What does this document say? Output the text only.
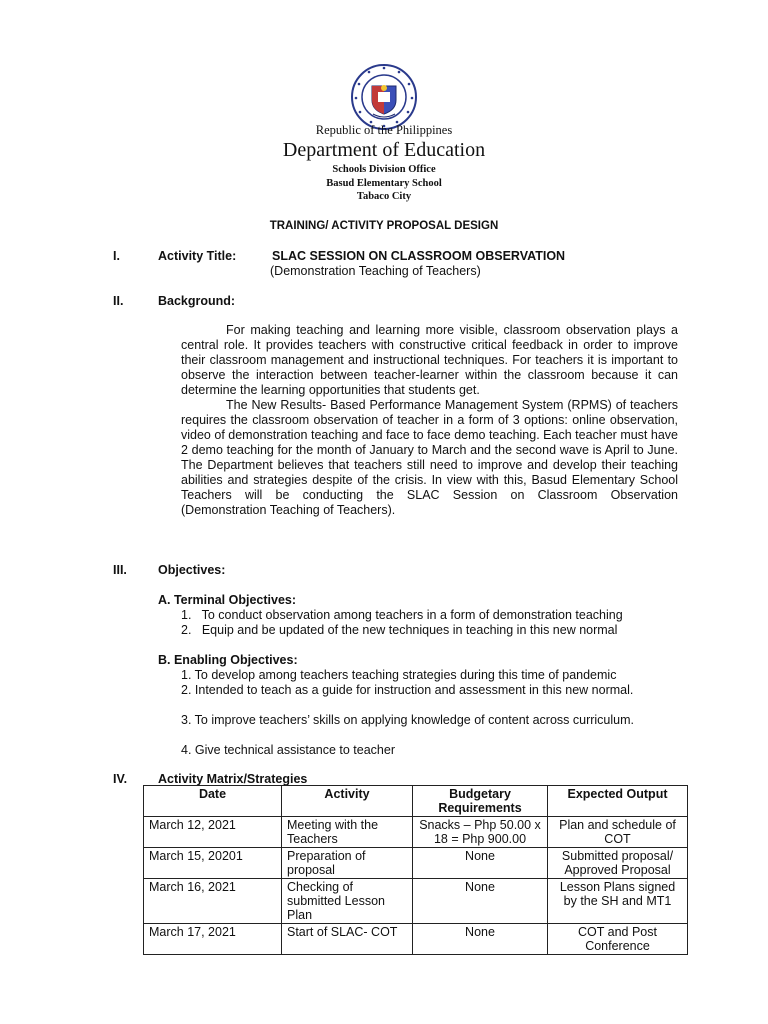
Republic of the Philippines
Department of Education
Schools Division Office
Basud Elementary School
Tabaco City
TRAINING/ ACTIVITY PROPOSAL DESIGN
I.	Activity Title:	SLAC SESSION ON CLASSROOM OBSERVATION
(Demonstration Teaching of Teachers)
II.	Background:

For making teaching and learning more visible, classroom observation plays a central role. It provides teachers with constructive critical feedback in order to improve their classroom management and instructional techniques. For teachers it is important to observe the interaction between teacher-learner within the classroom because it can determine the learning opportunities that students get.

The New Results- Based Performance Management System (RPMS) of teachers requires the classroom observation of teacher in a form of 3 options: online observation, video of demonstration teaching and face to face demo teaching. Each teacher must have 2 demo teaching for the month of January to March and the second wave is April to June. The Department believes that teachers still need to improve and develop their teaching abilities and strategies despite of the crisis. In view with this, Basud Elementary School Teachers will be conducting the SLAC Session on Classroom Observation (Demonstration Teaching of Teachers).

III. Objectives:
A. Terminal Objectives:
1.   To conduct observation among teachers in a form of demonstration teaching
2.   Equip and be updated of the new techniques in teaching in this new normal
B. Enabling Objectives:
1. To develop among teachers teaching strategies during this time of pandemic
2. Intended to teach as a guide for instruction and assessment in this new normal.
3. To improve teachers’ skills on applying knowledge of content across curriculum.
4. Give technical assistance to teacher
IV. Activity Matrix/Strategies
Date	Activity	Budgetary Requirements	Expected Output
March 12, 2021	Meeting with the Teachers	Snacks – Php 50.00 x 18 = Php 900.00	Plan and schedule of COT
March 15, 20201	Preparation of proposal	None	Submitted proposal/ Approved Proposal
March 16, 2021	Checking of submitted Lesson Plan	None	Lesson Plans signed by the SH and MT1
March 17, 2021	Start of SLAC- COT	None	COT and Post Conference
